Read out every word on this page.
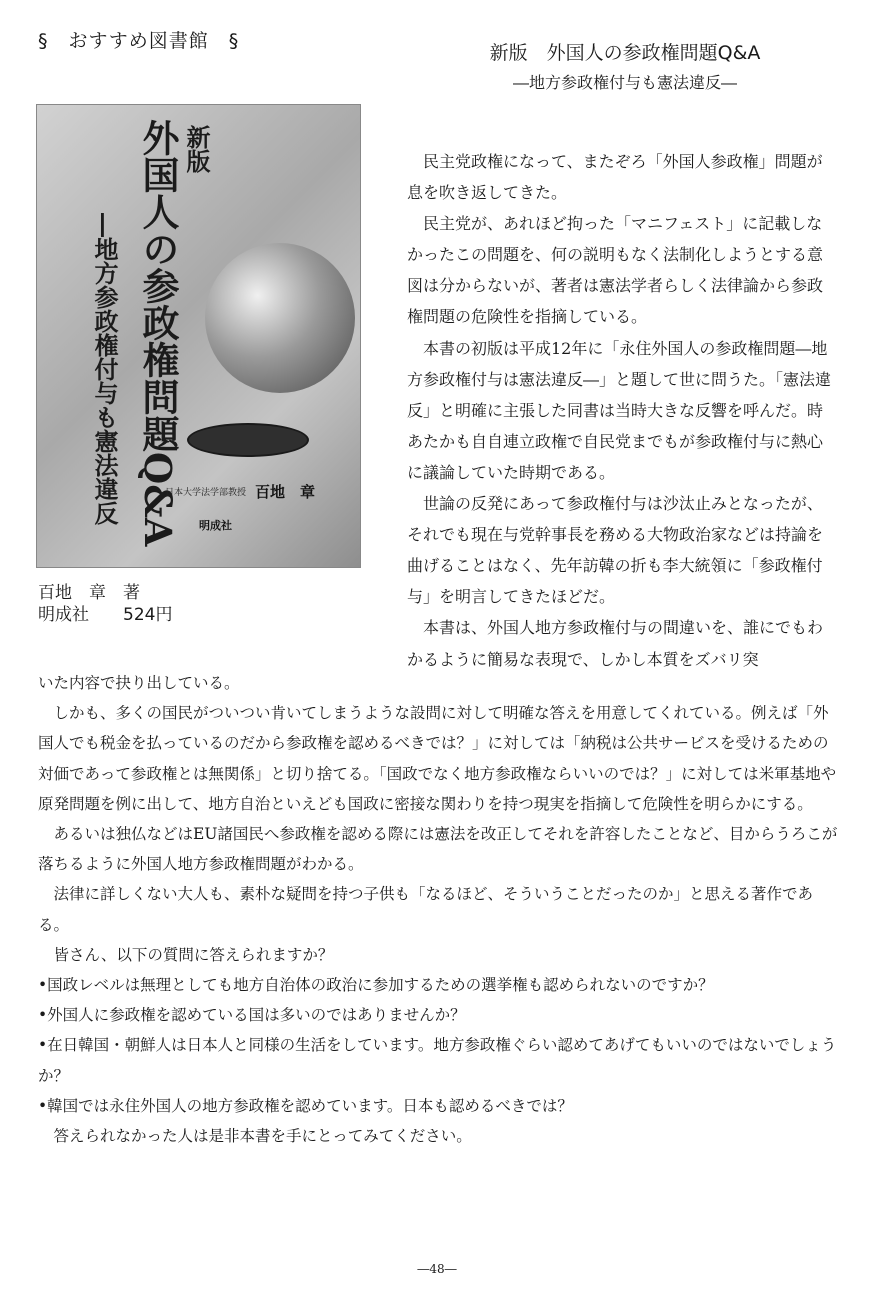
§　おすすめ図書館　§
新版　外国人の参政権問題Q&A
―地方参政権付与も憲法違反―
新版
外国人の参政権問題Q&A
―地方参政権付与も憲法違反	日本大学法学部教授 百地　章
明成社
百地　章　著
明成社　　524円

民主党政権になって、またぞろ「外国人参政権」問題が息を吹き返してきた。

民主党が、あれほど拘った「マニフェスト」に記載しなかったこの問題を、何の説明もなく法制化しようとする意図は分からないが、著者は憲法学者らしく法律論から参政権問題の危険性を指摘している。

本書の初版は平成12年に「永住外国人の参政権問題―地方参政権付与は憲法違反―」と題して世に問うた。「憲法違反」と明確に主張した同書は当時大きな反響を呼んだ。時あたかも自自連立政権で自民党までもが参政権付与に熱心に議論していた時期である。

世論の反発にあって参政権付与は沙汰止みとなったが、それでも現在与党幹事長を務める大物政治家などは持論を曲げることはなく、先年訪韓の折も李大統領に「参政権付与」を明言してきたほどだ。

本書は、外国人地方参政権付与の間違いを、誰にでもわかるように簡易な表現で、しかし本質をズバリ突

いた内容で抉り出している。

しかも、多くの国民がついつい肯いてしまうような設問に対して明確な答えを用意してくれている。例えば「外国人でも税金を払っているのだから参政権を認めるべきでは？」に対しては「納税は公共サービスを受けるための対価であって参政権とは無関係」と切り捨てる。「国政でなく地方参政権ならいいのでは？」に対しては米軍基地や原発問題を例に出して、地方自治といえども国政に密接な関わりを持つ現実を指摘して危険性を明らかにする。

あるいは独仏などはEU諸国民へ参政権を認める際には憲法を改正してそれを許容したことなど、目からうろこが落ちるように外国人地方参政権問題がわかる。

法律に詳しくない大人も、素朴な疑問を持つ子供も「なるほど、そういうことだったのか」と思える著作である。

皆さん、以下の質問に答えられますか？

•国政レベルは無理としても地方自治体の政治に参加するための選挙権も認められないのですか？

•外国人に参政権を認めている国は多いのではありませんか？

•在日韓国・朝鮮人は日本人と同様の生活をしています。地方参政権ぐらい認めてあげてもいいのではないでしょうか？

•韓国では永住外国人の地方参政権を認めています。日本も認めるべきでは？

答えられなかった人は是非本書を手にとってみてください。

―48―
